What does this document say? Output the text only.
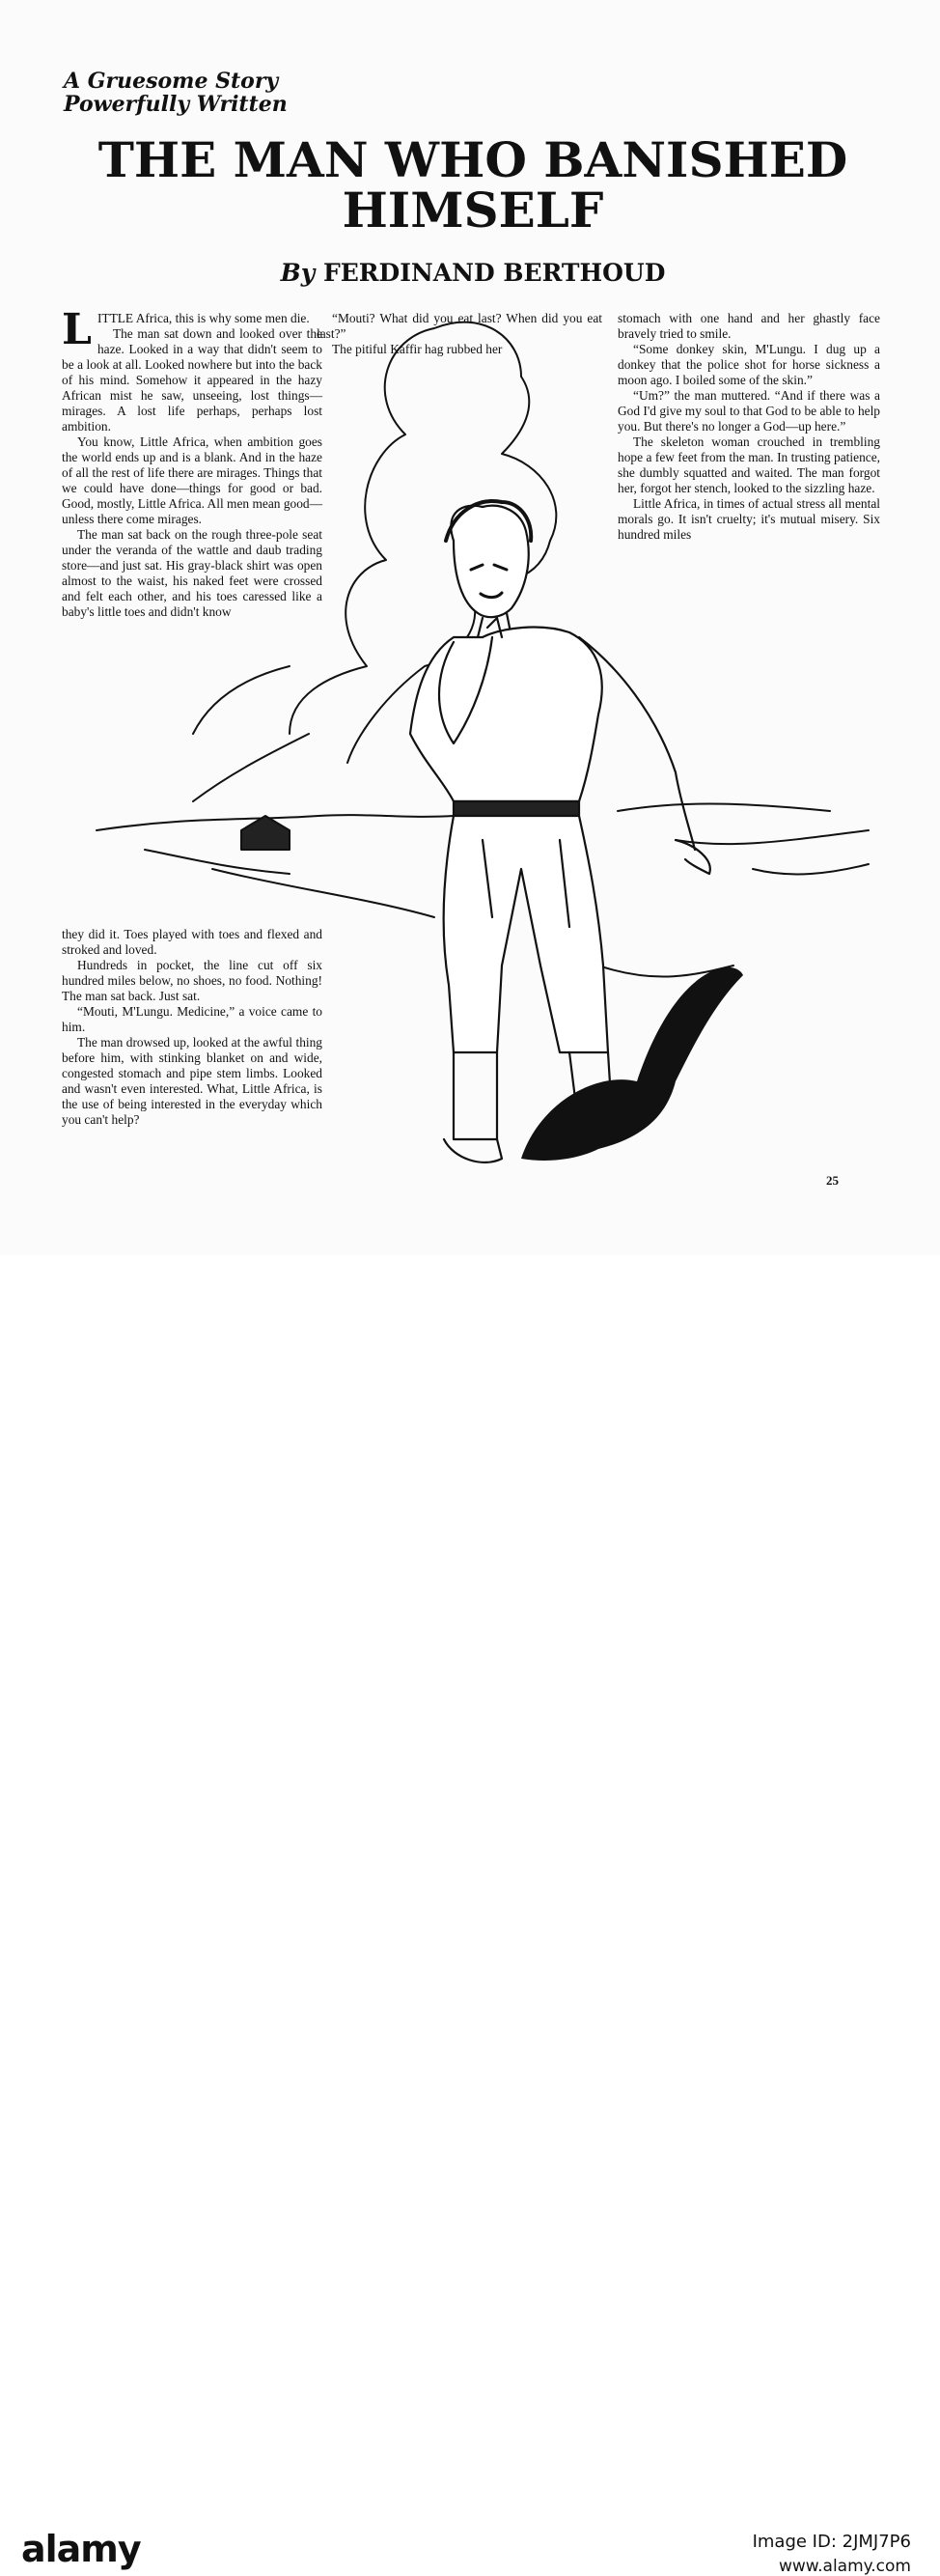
A Gruesome Story
Powerfully Written
THE MAN WHO BANISHED
HIMSELF
By FERDINAND BERTHOUD

LITTLE Africa, this is why some men die.

The man sat down and looked over the haze. Looked in a way that didn't seem to be a look at all. Looked nowhere but into the back of his mind. Somehow it appeared in the hazy African mist he saw, unseeing, lost things—mirages. A lost life perhaps, perhaps lost ambition.

You know, Little Africa, when ambition goes the world ends up and is a blank. And in the haze of all the rest of life there are mirages. Things that we could have done—things for good or bad. Good, mostly, Little Africa. All men mean good—unless there come mirages.

The man sat back on the rough three-pole seat under the veranda of the wattle and daub trading store—and just sat. His gray-black shirt was open almost to the waist, his naked feet were crossed and felt each other, and his toes caressed like a baby's little toes and didn't know

“Mouti? What did you eat last? When did you eat last?”

The pitiful Kaffir hag rubbed her

stomach with one hand and her ghastly face bravely tried to smile.

“Some donkey skin, M'Lungu. I dug up a donkey that the police shot for horse sickness a moon ago. I boiled some of the skin.”

“Um?” the man muttered. “And if there was a God I'd give my soul to that God to be able to help you. But there's no longer a God—up here.”

The skeleton woman crouched in trembling hope a few feet from the man. In trusting patience, she dumbly squatted and waited. The man forgot her, forgot her stench, looked to the sizzling haze.

Little Africa, in times of actual stress all mental morals go. It isn't cruelty; it's mutual misery. Six hundred miles

they did it. Toes played with toes and flexed and stroked and loved.

Hundreds in pocket, the line cut off six hundred miles below, no shoes, no food. Nothing! The man sat back. Just sat.

“Mouti, M'Lungu. Medicine,” a voice came to him.

The man drowsed up, looked at the awful thing before him, with stinking blanket on and wide, congested stomach and pipe stem limbs. Looked and wasn't even interested. What, Little Africa, is the use of being interested in the everyday which you can't help?

25
alamy	Image ID: 2JMJ7P6
www.alamy.com
